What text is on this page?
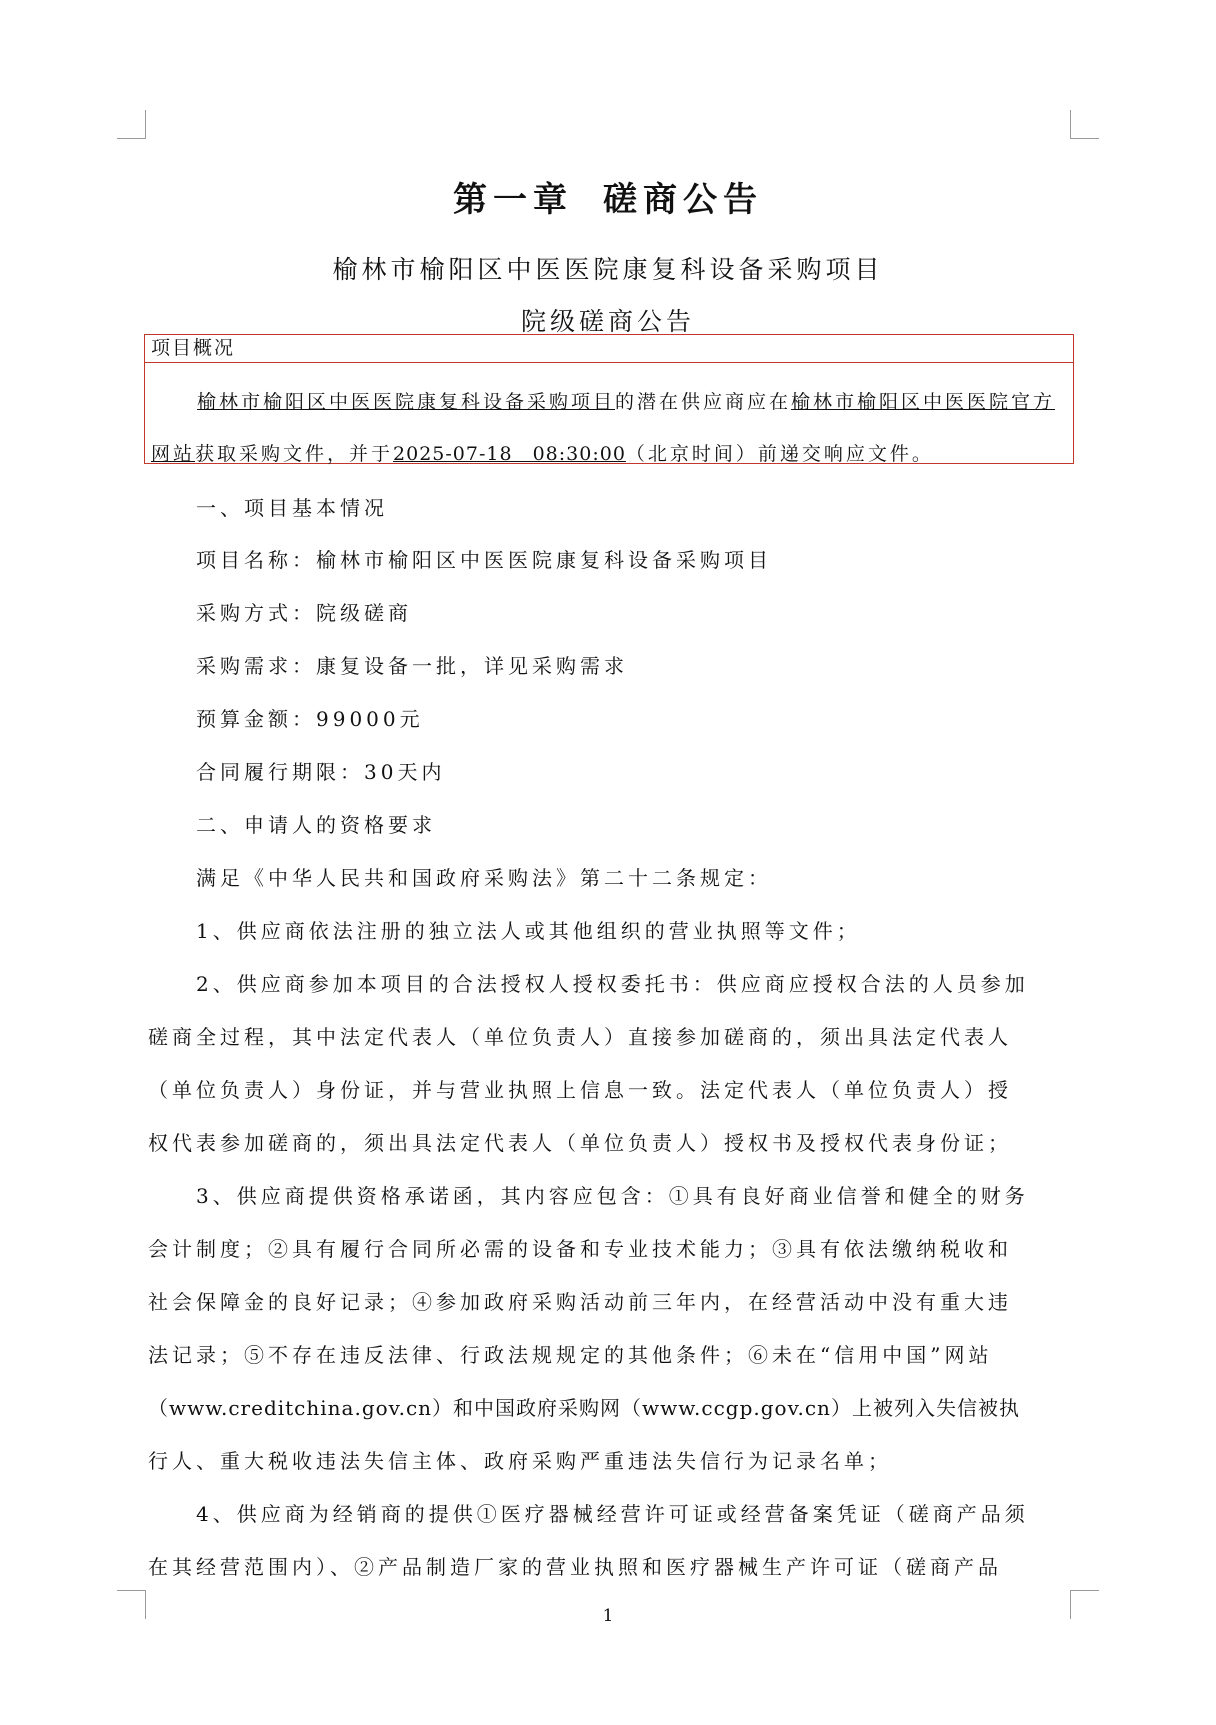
第一章 磋商公告
榆林市榆阳区中医医院康复科设备采购项目
院级磋商公告
项目概况
榆林市榆阳区中医医院康复科设备采购项目的潜在供应商应在榆林市榆阳区中医医院官方
网站获取采购文件，并于2025-07-18　08:30:00（北京时间）前递交响应文件。
一、项目基本情况
项目名称：榆林市榆阳区中医医院康复科设备采购项目
采购方式：院级磋商
采购需求：康复设备一批，详见采购需求
预算金额：99000元
合同履行期限：30天内
二、申请人的资格要求
满足《中华人民共和国政府采购法》第二十二条规定：
1、供应商依法注册的独立法人或其他组织的营业执照等文件；
2、供应商参加本项目的合法授权人授权委托书：供应商应授权合法的人员参加
磋商全过程，其中法定代表人（单位负责人）直接参加磋商的，须出具法定代表人
（单位负责人）身份证，并与营业执照上信息一致。法定代表人（单位负责人）授
权代表参加磋商的，须出具法定代表人（单位负责人）授权书及授权代表身份证；
3、供应商提供资格承诺函，其内容应包含：①具有良好商业信誉和健全的财务
会计制度；②具有履行合同所必需的设备和专业技术能力；③具有依法缴纳税收和
社会保障金的良好记录；④参加政府采购活动前三年内，在经营活动中没有重大违
法记录；⑤不存在违反法律、行政法规规定的其他条件；⑥未在“信用中国”网站
（www.creditchina.gov.cn）和中国政府采购网（www.ccgp.gov.cn）上被列入失信被执
行人、重大税收违法失信主体、政府采购严重违法失信行为记录名单；
4、供应商为经销商的提供①医疗器械经营许可证或经营备案凭证（磋商产品须
在其经营范围内）、②产品制造厂家的营业执照和医疗器械生产许可证（磋商产品
1
